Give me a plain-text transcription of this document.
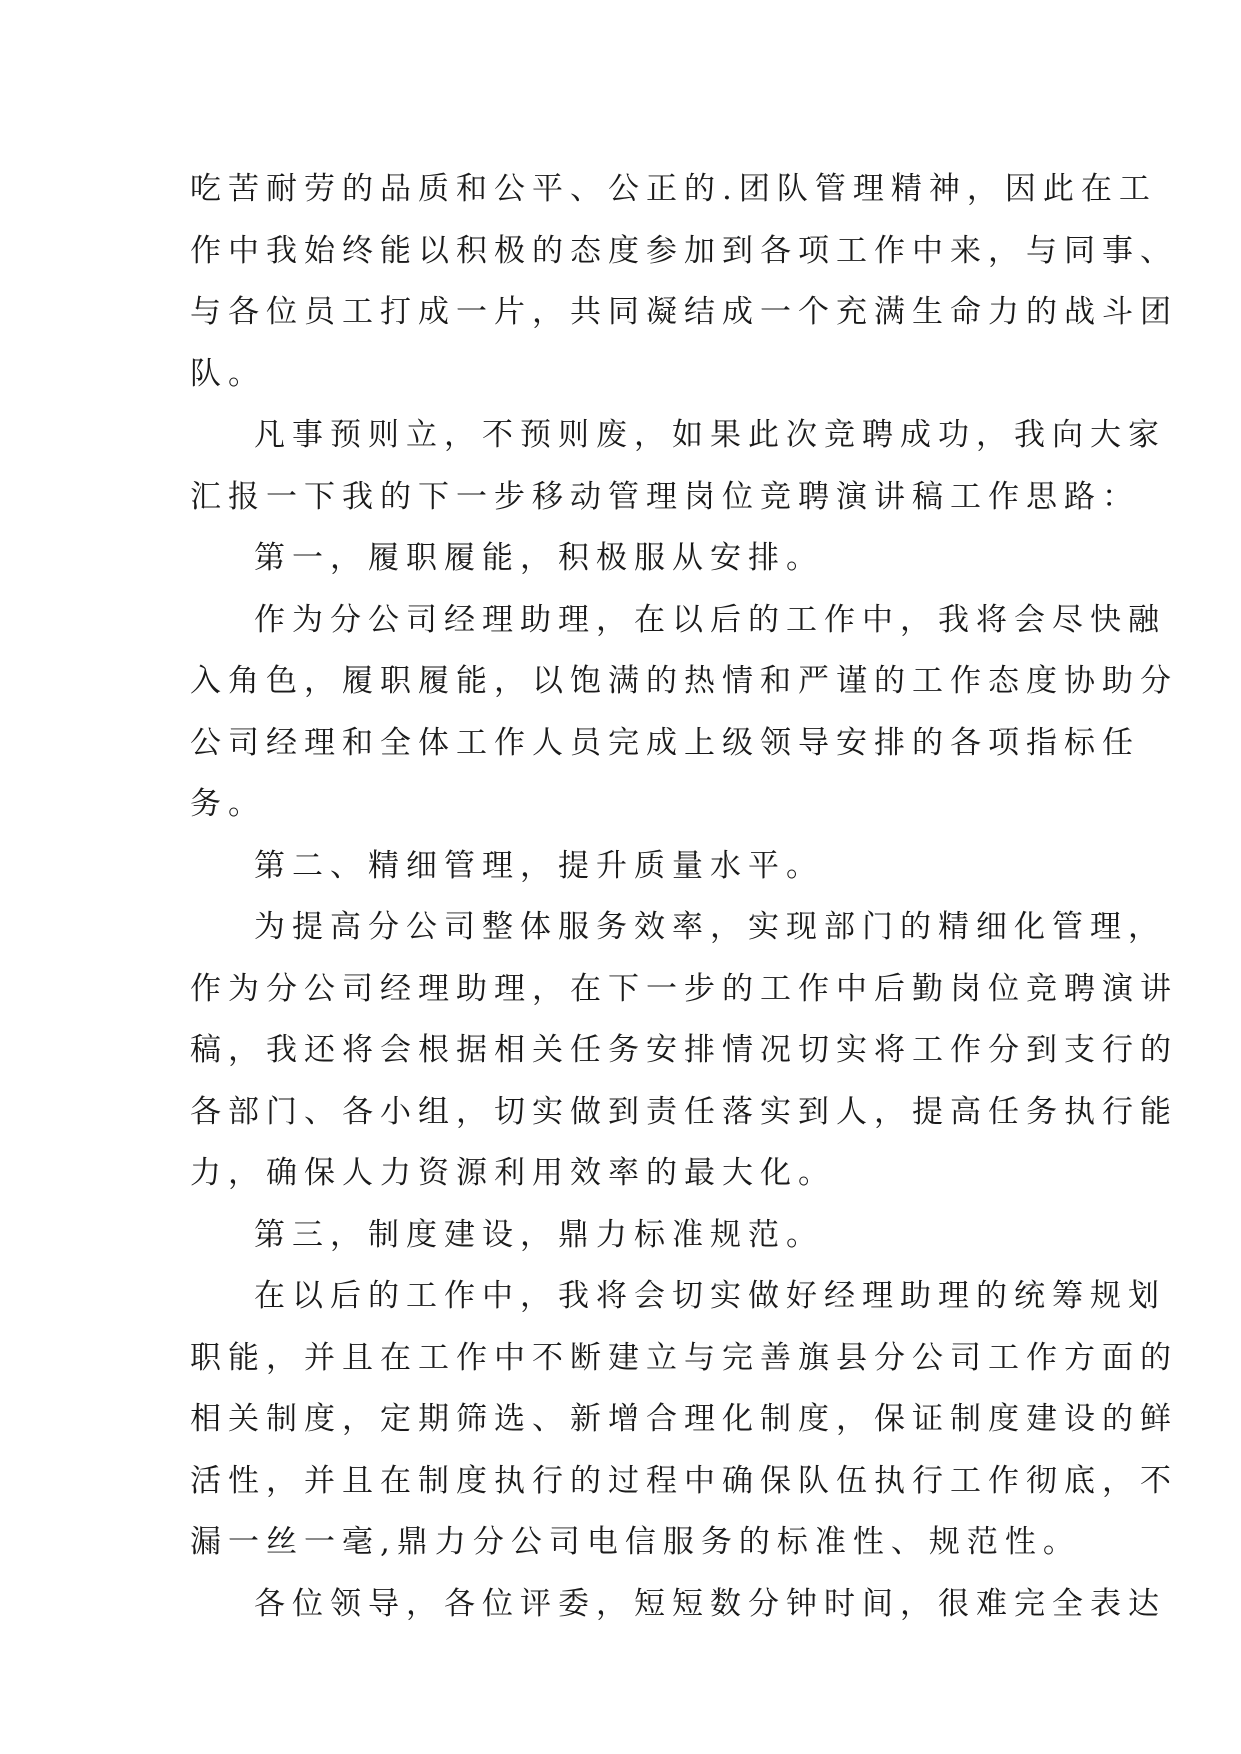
吃苦耐劳的品质和公平、公正的.团队管理精神，因此在工

作中我始终能以积极的态度参加到各项工作中来，与同事、

与各位员工打成一片，共同凝结成一个充满生命力的战斗团

队。

凡事预则立，不预则废，如果此次竞聘成功，我向大家

汇报一下我的下一步移动管理岗位竞聘演讲稿工作思路：

第一，履职履能，积极服从安排。

作为分公司经理助理，在以后的工作中，我将会尽快融

入角色，履职履能，以饱满的热情和严谨的工作态度协助分

公司经理和全体工作人员完成上级领导安排的各项指标任

务。

第二、精细管理，提升质量水平。

为提高分公司整体服务效率，实现部门的精细化管理，

作为分公司经理助理，在下一步的工作中后勤岗位竞聘演讲

稿，我还将会根据相关任务安排情况切实将工作分到支行的

各部门、各小组，切实做到责任落实到人，提高任务执行能

力，确保人力资源利用效率的最大化。

第三，制度建设，鼎力标准规范。

在以后的工作中，我将会切实做好经理助理的统筹规划

职能，并且在工作中不断建立与完善旗县分公司工作方面的

相关制度，定期筛选、新增合理化制度，保证制度建设的鲜

活性，并且在制度执行的过程中确保队伍执行工作彻底，不

漏一丝一毫,鼎力分公司电信服务的标准性、规范性。

各位领导，各位评委，短短数分钟时间，很难完全表达
